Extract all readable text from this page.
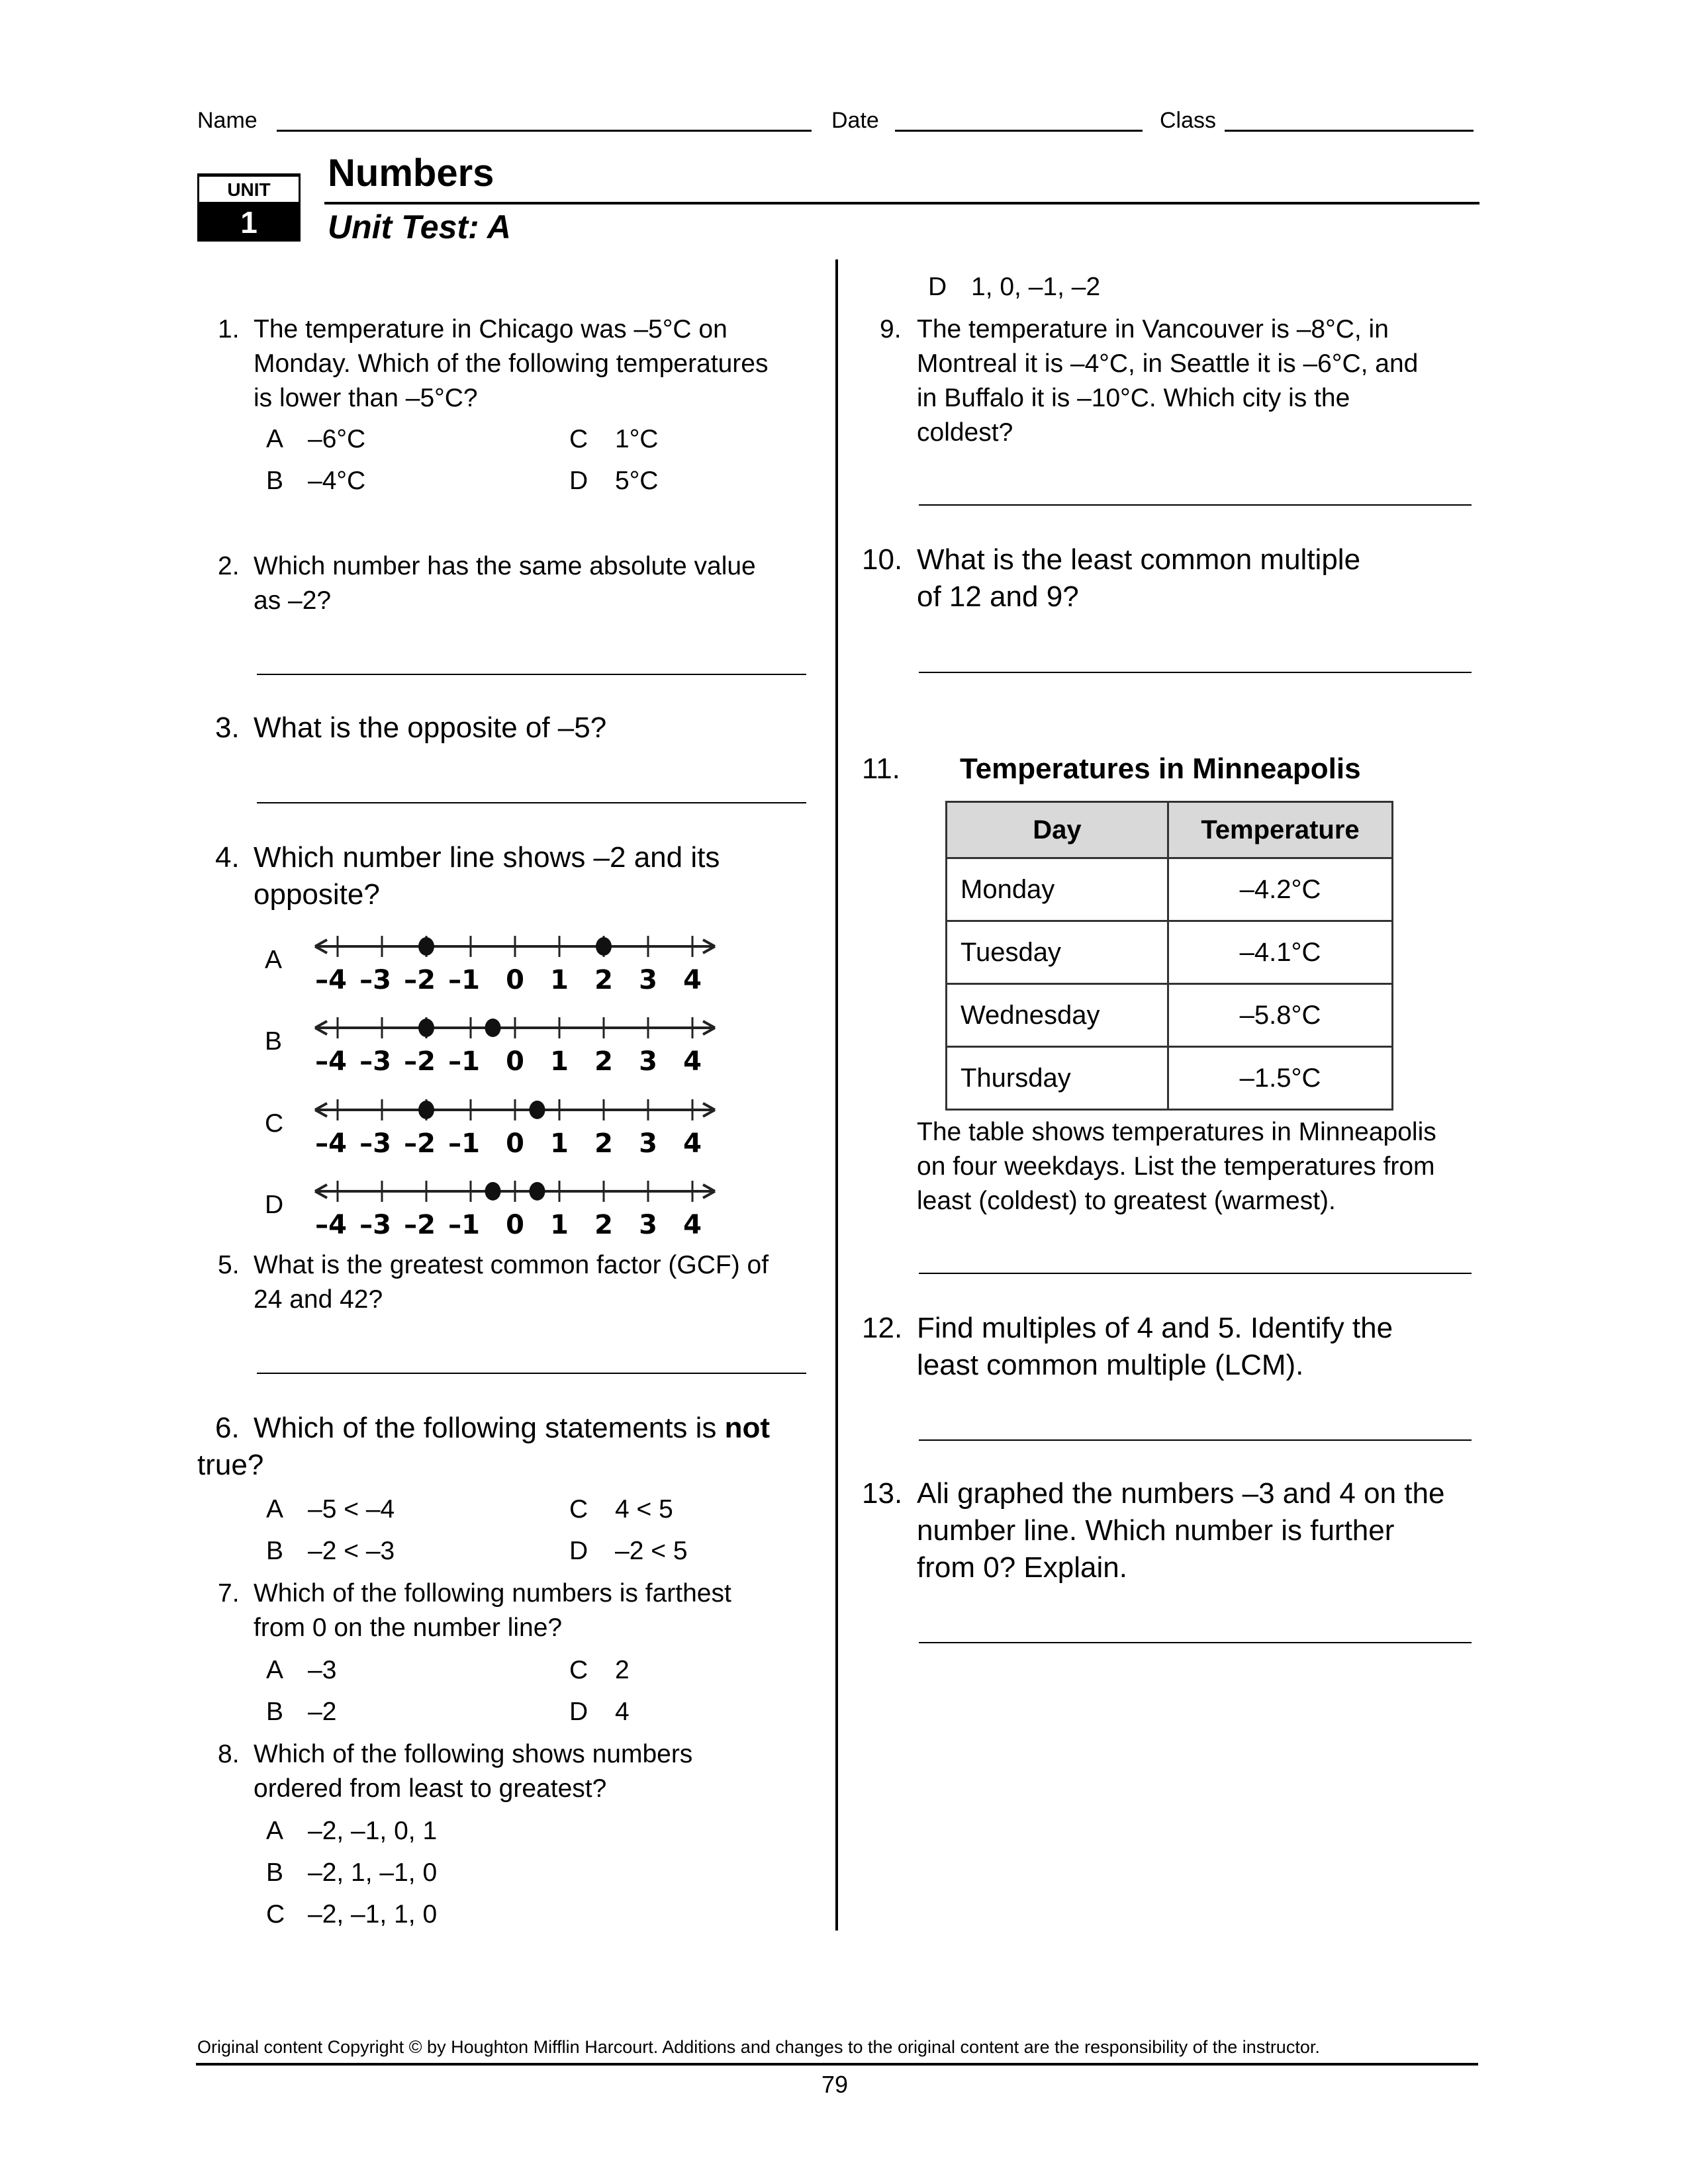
Name	Date	Class
UNIT
1
Numbers
Unit Test: A
1. The temperature in Chicago was –5°C on
Monday. Which of the following temperatures
is lower than –5°C?
A –6°C
B –4°C
C 1°C
D 5°C
2. Which number has the same absolute value
as –2?
3. What is the opposite of –5?
4. Which number line shows –2 and its
opposite?
A
B
C
D
–4 –3 –2 –1 0 1 2 3 4
–4 –3 –2 –1 0 1 2 3 4
–4 –3 –2 –1 0 1 2 3 4
–4 –3 –2 –1 0 1 2 3 4
5. What is the greatest common factor (GCF) of
24 and 42?
6. Which of the following statements is not
true?
A –5 < –4
B –2 < –3
C 4 < 5
D –2 < 5
7. Which of the following numbers is farthest
from 0 on the number line?
A –3
B –2
C 2
D 4
8. Which of the following shows numbers
ordered from least to greatest?
A –2, –1, 0, 1
B –2, 1, –1, 0
C –2, –1, 1, 0
D 1, 0, –1, –2
9. The temperature in Vancouver is –8°C, in
Montreal it is –4°C, in Seattle it is –6°C, and
in Buffalo it is –10°C. Which city is the
coldest?
10. What is the least common multiple
of 12 and 9?
11. Temperatures in Minneapolis
Day	Temperature
Monday	–4.2°C
Tuesday	–4.1°C
Wednesday	–5.8°C
Thursday	–1.5°C
The table shows temperatures in Minneapolis
on four weekdays. List the temperatures from
least (coldest) to greatest (warmest).
12. Find multiples of 4 and 5. Identify the
least common multiple (LCM).
13. Ali graphed the numbers –3 and 4 on the
number line. Which number is further
from 0? Explain.
Original content Copyright © by Houghton Mifflin Harcourt. Additions and changes to the original content are the responsibility of the instructor.
79
